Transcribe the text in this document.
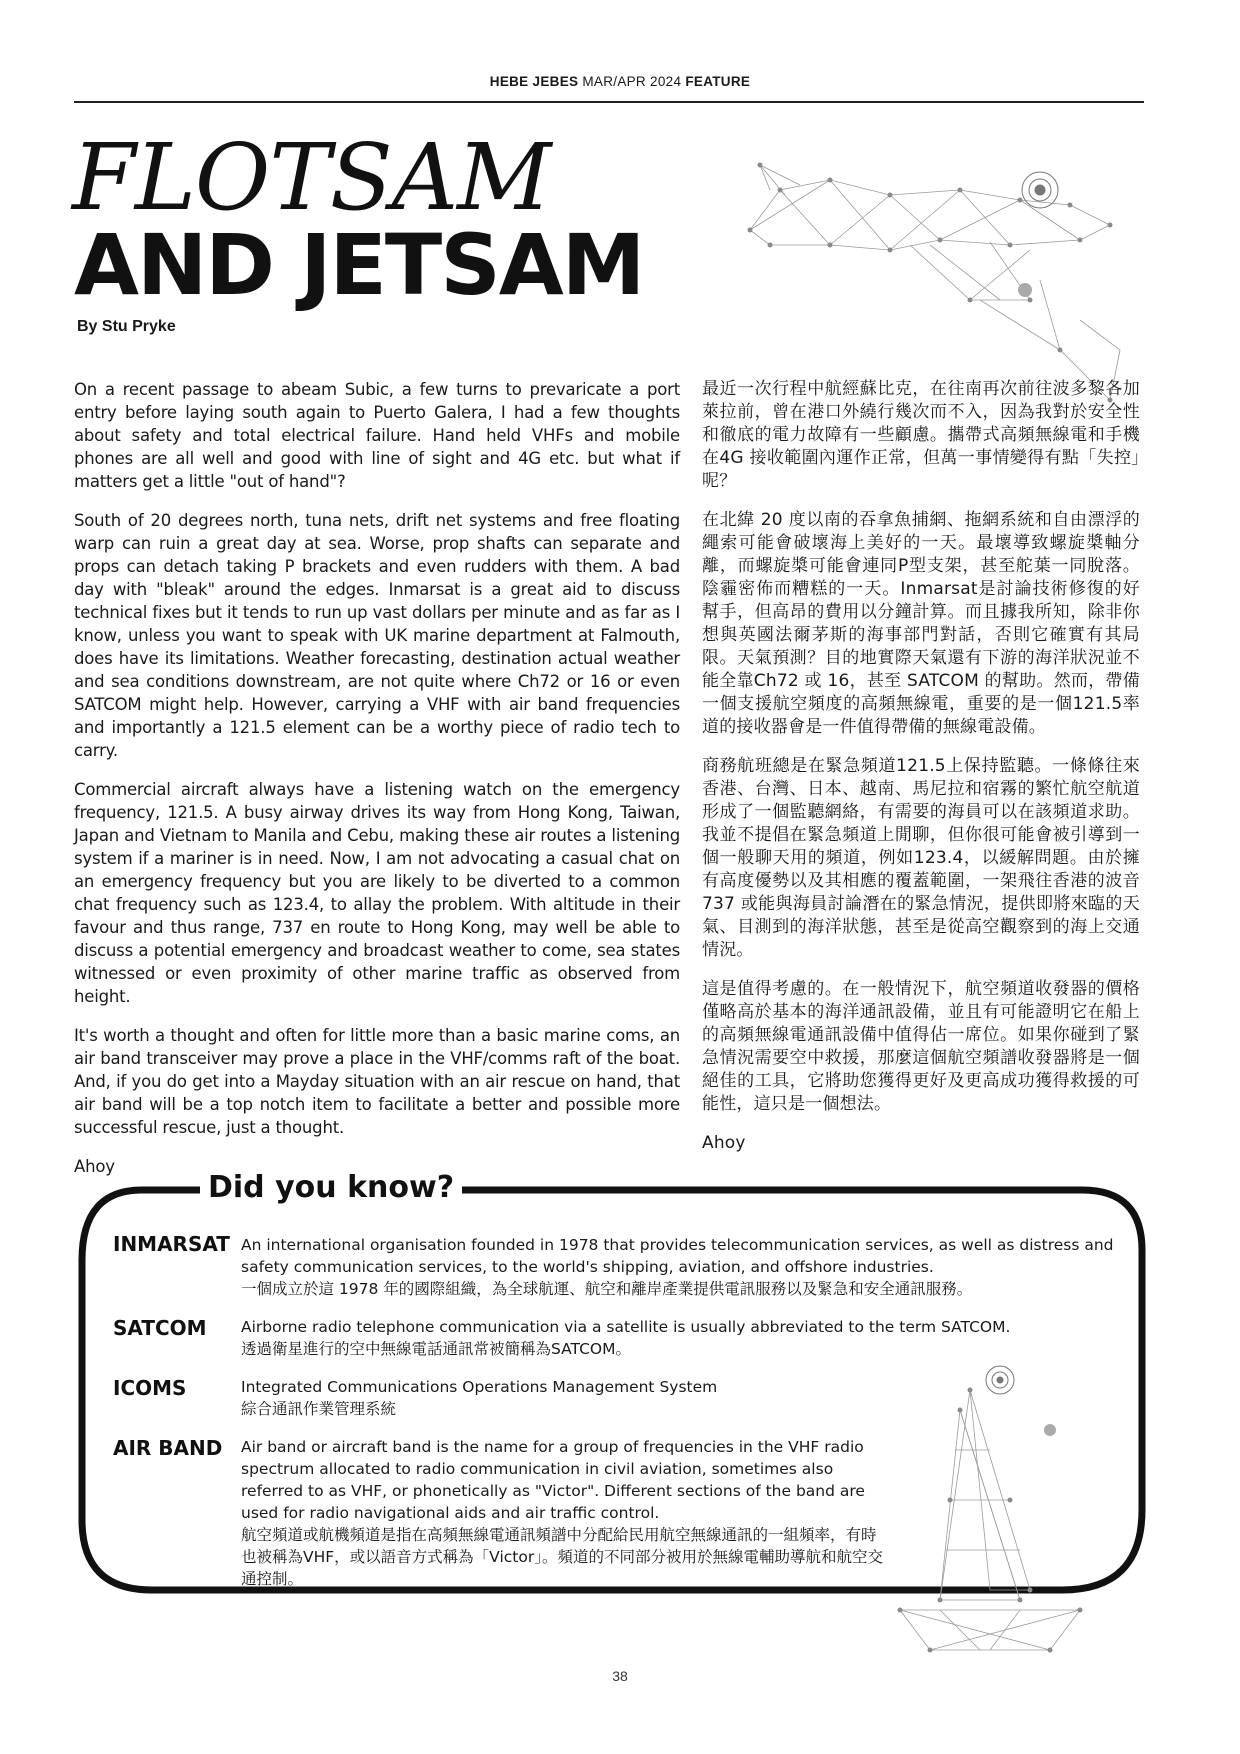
HEBE JEBES MAR/APR 2024 FEATURE
FLOTSAM
AND JETSAM
By Stu Pryke

On a recent passage to abeam Subic, a few turns to prevaricate a port entry before laying south again to Puerto Galera, I had a few thoughts about safety and total electrical failure. Hand held VHFs and mobile phones are all well and good with line of sight and 4G etc. but what if matters get a little "out of hand"?

South of 20 degrees north, tuna nets, drift net systems and free floating warp can ruin a great day at sea. Worse, prop shafts can separate and props can detach taking P brackets and even rudders with them. A bad day with "bleak" around the edges. Inmarsat is a great aid to discuss technical fixes but it tends to run up vast dollars per minute and as far as I know, unless you want to speak with UK marine department at Falmouth, does have its limitations. Weather forecasting, destination actual weather and sea conditions downstream, are not quite where Ch72 or 16 or even SATCOM might help. However, carrying a VHF with air band frequencies and importantly a 121.5 element can be a worthy piece of radio tech to carry.

Commercial aircraft always have a listening watch on the emergency frequency, 121.5. A busy airway drives its way from Hong Kong, Taiwan, Japan and Vietnam to Manila and Cebu, making these air routes a listening system if a mariner is in need. Now, I am not advocating a casual chat on an emergency frequency but you are likely to be diverted to a common chat frequency such as 123.4, to allay the problem. With altitude in their favour and thus range, 737 en route to Hong Kong, may well be able to discuss a potential emergency and broadcast weather to come, sea states witnessed or even proximity of other marine traffic as observed from height.

It's worth a thought and often for little more than a basic marine coms, an air band transceiver may prove a place in the VHF/comms raft of the boat. And, if you do get into a Mayday situation with an air rescue on hand, that air band will be a top notch item to facilitate a better and possible more successful rescue, just a thought.

Ahoy

最近一次行程中航經蘇比克，在往南再次前往波多黎各加萊拉前，曾在港口外繞行幾次而不入，因為我對於安全性和徹底的電力故障有一些顧慮。攜帶式高頻無線電和手機在4G 接收範圍內運作正常，但萬一事情變得有點「失控」呢？

在北緯 20 度以南的吞拿魚捕網、拖網系統和自由漂浮的繩索可能會破壞海上美好的一天。最壞導致螺旋槳軸分離，而螺旋槳可能會連同P型支架，甚至舵葉一同脫落。陰霾密佈而糟糕的一天。Inmarsat是討論技術修復的好幫手，但高昂的費用以分鐘計算。而且據我所知，除非你想與英國法爾茅斯的海事部門對話，否則它確實有其局限。天氣預測？目的地實際天氣還有下游的海洋狀況並不能全靠Ch72 或 16，甚至 SATCOM 的幫助。然而，帶備一個支援航空頻度的高頻無線電，重要的是一個121.5率道的接收器會是一件值得帶備的無線電設備。

商務航班總是在緊急頻道121.5上保持監聽。一條條往來香港、台灣、日本、越南、馬尼拉和宿霧的繁忙航空航道形成了一個監聽網絡，有需要的海員可以在該頻道求助。我並不提倡在緊急頻道上閒聊，但你很可能會被引導到一個一般聊天用的頻道，例如123.4，以緩解問題。由於擁有高度優勢以及其相應的覆蓋範圍，一架飛往香港的波音 737 或能與海員討論潛在的緊急情況，提供即將來臨的天氣、目測到的海洋狀態，甚至是從高空觀察到的海上交通情況。

這是值得考慮的。在一般情況下，航空頻道收發器的價格僅略高於基本的海洋通訊設備，並且有可能證明它在船上的高頻無線電通訊設備中值得佔一席位。如果你碰到了緊急情況需要空中救援，那麼這個航空頻譜收發器將是一個絕佳的工具，它將助您獲得更好及更高成功獲得救援的可能性，這只是一個想法。

Ahoy

Did you know?
INMARSAT An international organisation founded in 1978 that provides telecommunication services, as well as distress and safety communication services, to the world's shipping, aviation, and offshore industries.
一個成立於這 1978 年的國際組織，為全球航運、航空和離岸產業提供電訊服務以及緊急和安全通訊服務。
SATCOM Airborne radio telephone communication via a satellite is usually abbreviated to the term SATCOM.
透過衛星進行的空中無線電話通訊常被簡稱為SATCOM。
ICOMS	Integrated Communications Operations Management System
綜合通訊作業管理系統
AIR BAND Air band or aircraft band is the name for a group of frequencies in the VHF radio spectrum allocated to radio communication in civil aviation, sometimes also referred to as VHF, or phonetically as "Victor". Different sections of the band are used for radio navigational aids and air traffic control.
航空頻道或航機頻道是指在高頻無線電通訊頻譜中分配給民用航空無線通訊的一組頻率，有時也被稱為VHF，或以語音方式稱為「Victor」。頻道的不同部分被用於無線電輔助導航和航空交通控制。
38
